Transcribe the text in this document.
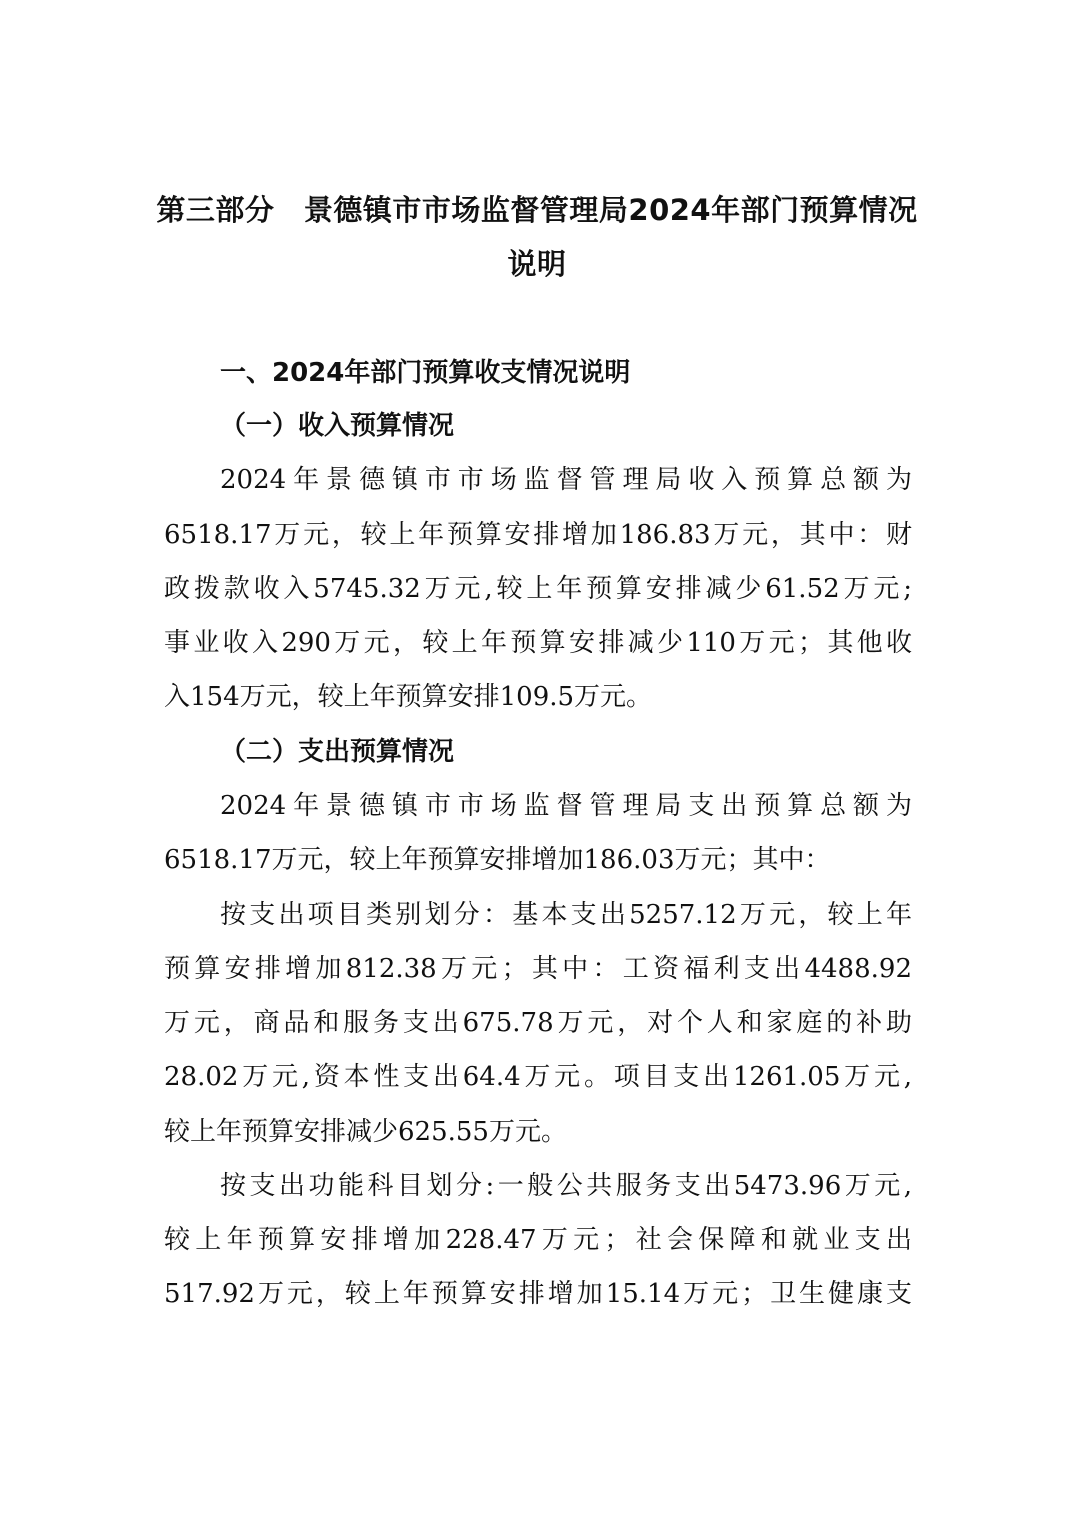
第三部分　景德镇市市场监督管理局2024年部门预算情况
说明
一、2024年部门预算收支情况说明
（一）收入预算情况
2024年景德镇市市场监督管理局收入预算总额为
6518.17万元，较上年预算安排增加186.83万元，其中：财
政拨款收入5745.32万元,较上年预算安排减少61.52万元;
事业收入290万元，较上年预算安排减少110万元；其他收
入154万元，较上年预算安排109.5万元。
（二）支出预算情况
2024年景德镇市市场监督管理局支出预算总额为
6518.17万元，较上年预算安排增加186.03万元；其中：
按支出项目类别划分：基本支出5257.12万元，较上年
预算安排增加812.38万元；其中：工资福利支出4488.92
万元，商品和服务支出675.78万元，对个人和家庭的补助
28.02万元,资本性支出64.4万元。项目支出1261.05万元,
较上年预算安排减少625.55万元。
按支出功能科目划分:一般公共服务支出5473.96万元,
较上年预算安排增加228.47万元；社会保障和就业支出
517.92万元，较上年预算安排增加15.14万元；卫生健康支
